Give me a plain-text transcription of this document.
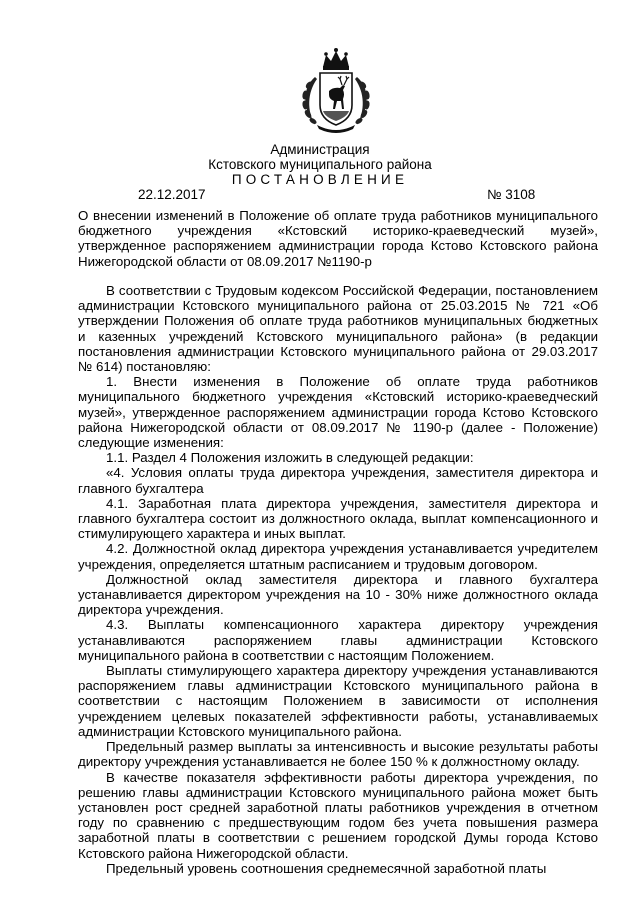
Администрация
Кстовского муниципального района
ПОСТАНОВЛЕНИЕ
22.12.2017	№ 3108
О внесении изменений в Положение об оплате труда работников муниципального бюджетного учреждения «Кстовский историко-краеведческий музей», утвержденное распоряжением администрации города Кстово Кстовского района Нижегородской области от 08.09.2017 №1190-р

В соответствии с Трудовым кодексом Российской Федерации, постановлением администрации Кстовского муниципального района от 25.03.2015 № 721 «Об утверждении Положения об оплате труда работников муниципальных бюджетных и казенных учреждений Кстовского муниципального района» (в редакции постановления администрации Кстовского муниципального района от 29.03.2017 № 614) постановляю:

1. Внести изменения в Положение об оплате труда работников муниципального бюджетного учреждения «Кстовский историко-краеведческий музей», утвержденное распоряжением администрации города Кстово Кстовского района Нижегородской области от 08.09.2017 № 1190-р (далее - Положение) следующие изменения:

1.1. Раздел 4 Положения изложить в следующей редакции:

«4. Условия оплаты труда директора учреждения, заместителя директора и главного бухгалтера

4.1. Заработная плата директора учреждения, заместителя директора и главного бухгалтера состоит из должностного оклада, выплат компенсационного и стимулирующего характера и иных выплат.

4.2. Должностной оклад директора учреждения устанавливается учредителем учреждения, определяется штатным расписанием и трудовым договором.

Должностной оклад заместителя директора и главного бухгалтера устанавливается директором учреждения на 10 - 30% ниже должностного оклада директора учреждения.

4.3. Выплаты компенсационного характера директору учреждения устанавливаются распоряжением главы администрации Кстовского муниципального района в соответствии с настоящим Положением.

Выплаты стимулирующего характера директору учреждения устанавливаются распоряжением главы администрации Кстовского муниципального района в соответствии с настоящим Положением в зависимости от исполнения учреждением целевых показателей эффективности работы, устанавливаемых администрации Кстовского муниципального района.

Предельный размер выплаты за интенсивность и высокие результаты работы директору учреждения устанавливается не более 150 % к должностному окладу.

В качестве показателя эффективности работы директора учреждения, по решению главы администрации Кстовского муниципального района может быть установлен рост средней заработной платы работников учреждения в отчетном году по сравнению с предшествующим годом без учета повышения размера заработной платы в соответствии с решением городской Думы города Кстово Кстовского района Нижегородской области.

Предельный уровень соотношения среднемесячной заработной платы
